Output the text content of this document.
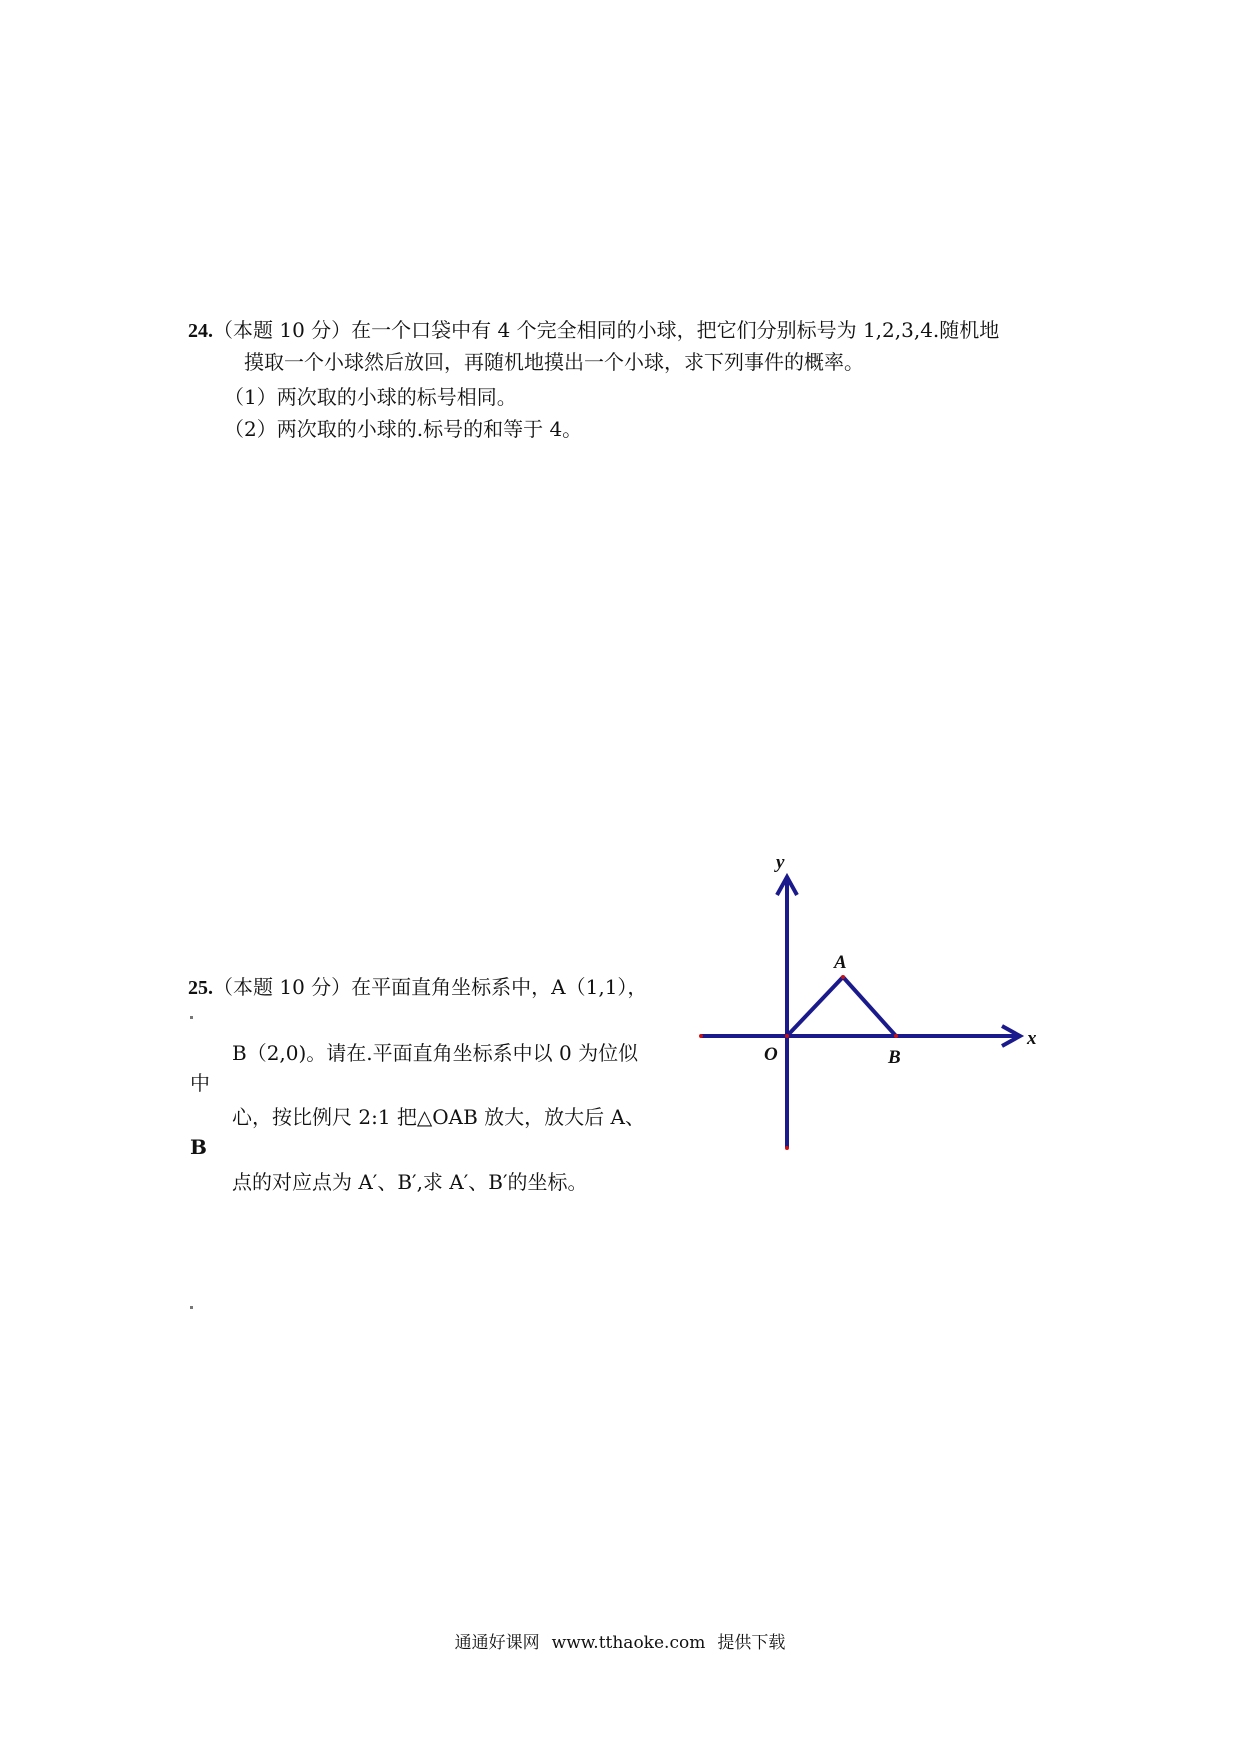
24.（本题 10 分）在一个口袋中有 4 个完全相同的小球，把它们分别标号为 1,2,3,4.随机地
摸取一个小球然后放回，再随机地摸出一个小球，求下列事件的概率。
（1）两次取的小球的标号相同。
（2）两次取的小球的.标号的和等于 4。
25.（本题 10 分）在平面直角坐标系中，A（1,1），
B（2,0)。请在.平面直角坐标系中以 0 为位似
中
心，按比例尺 2:1 把△OAB 放大，放大后 A、
B
点的对应点为 A′、B′,求 A′、B′的坐标。
y
x
O
A
B
通通好课网 www.tthaoke.com 提供下载
